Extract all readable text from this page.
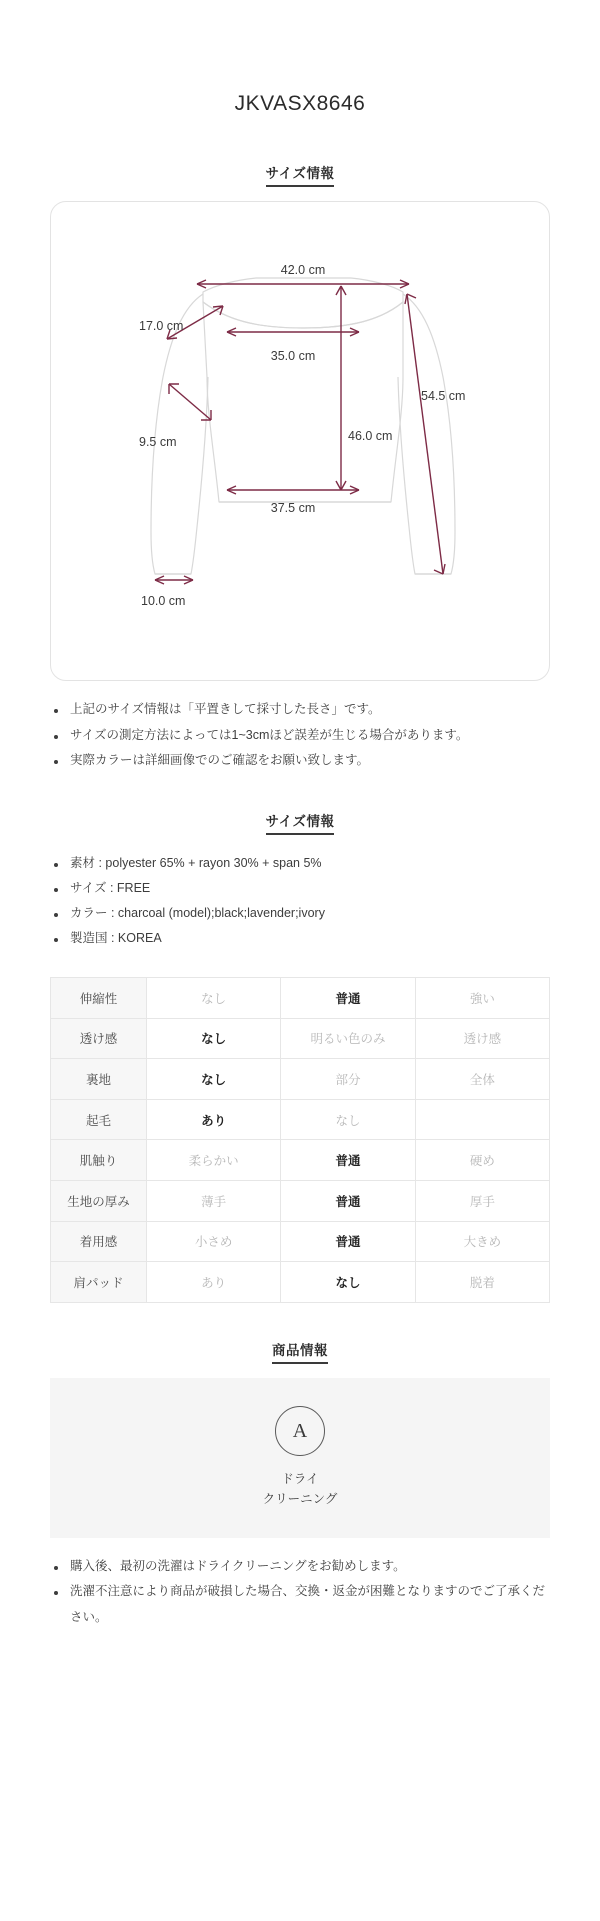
JKVASX8646
サイズ情報
42.0 cm
17.0 cm
35.0 cm
54.5 cm
9.5 cm	46.0 cm
37.5 cm
10.0 cm
上記のサイズ情報は「平置きして採寸した長さ」です。
サイズの測定方法によっては1~3cmほど誤差が生じる場合があります。
実際カラーは詳細画像でのご確認をお願い致します。
サイズ情報
素材 : polyester 65% + rayon 30% + span 5%
サイズ : FREE
カラー : charcoal (model);black;lavender;ivory
製造国 : KOREA
伸縮性	なし	普通	強い
透け感	なし	明るい色のみ	透け感
裏地	なし	部分	全体
起毛	あり	なし	
肌触り	柔らかい	普通	硬め
生地の厚み	薄手	普通	厚手
着用感	小さめ	普通	大きめ
肩パッド	あり	なし	脱着
商品情報
A
ドライ
クリーニング
購入後、最初の洗濯はドライクリーニングをお勧めします。
洗濯不注意により商品が破損した場合、交換・返金が困難となりますのでご了承ください。
